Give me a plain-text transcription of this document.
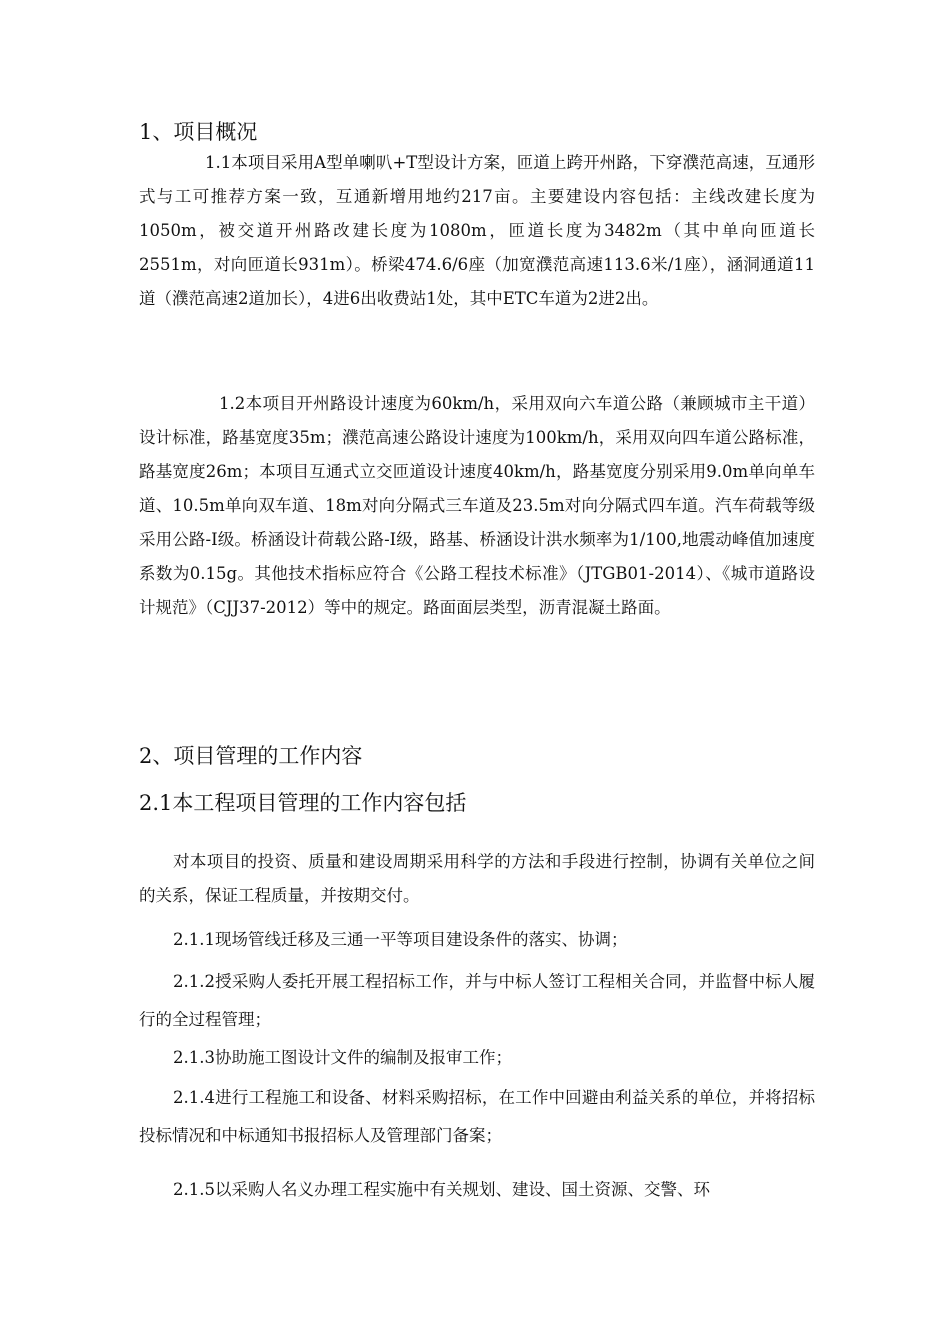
1、项目概况
1.1本项目采用A型单喇叭+T型设计方案，匝道上跨开州路，下穿濮范高速，互通形式与工可推荐方案一致，互通新增用地约217亩。主要建设内容包括：主线改建长度为1050m，被交道开州路改建长度为1080m，匝道长度为3482m（其中单向匝道长2551m，对向匝道长931m）。桥梁474.6/6座（加宽濮范高速113.6米/1座），涵洞通道11道（濮范高速2道加长），4进6出收费站1处，其中ETC车道为2进2出。
1.2本项目开州路设计速度为60km/h，采用双向六车道公路（兼顾城市主干道）设计标准，路基宽度35m；濮范高速公路设计速度为100km/h，采用双向四车道公路标准，路基宽度26m；本项目互通式立交匝道设计速度40km/h，路基宽度分别采用9.0m单向单车道、10.5m单向双车道、18m对向分隔式三车道及23.5m对向分隔式四车道。汽车荷载等级采用公路-I级。桥涵设计荷载公路-I级，路基、桥涵设计洪水频率为1/100,地震动峰值加速度系数为0.15g。其他技术指标应符合《公路工程技术标准》（JTGB01-2014）、《城市道路设计规范》（CJJ37-2012）等中的规定。路面面层类型，沥青混凝土路面。
2、项目管理的工作内容
2.1本工程项目管理的工作内容包括
对本项目的投资、质量和建设周期采用科学的方法和手段进行控制，协调有关单位之间的关系，保证工程质量，并按期交付。
2.1.1现场管线迁移及三通一平等项目建设条件的落实、协调；
2.1.2授采购人委托开展工程招标工作，并与中标人签订工程相关合同，并监督中标人履行的全过程管理；
2.1.3协助施工图设计文件的编制及报审工作；
2.1.4进行工程施工和设备、材料采购招标，在工作中回避由利益关系的单位，并将招标投标情况和中标通知书报招标人及管理部门备案；
2.1.5以采购人名义办理工程实施中有关规划、建设、国土资源、交警、环
